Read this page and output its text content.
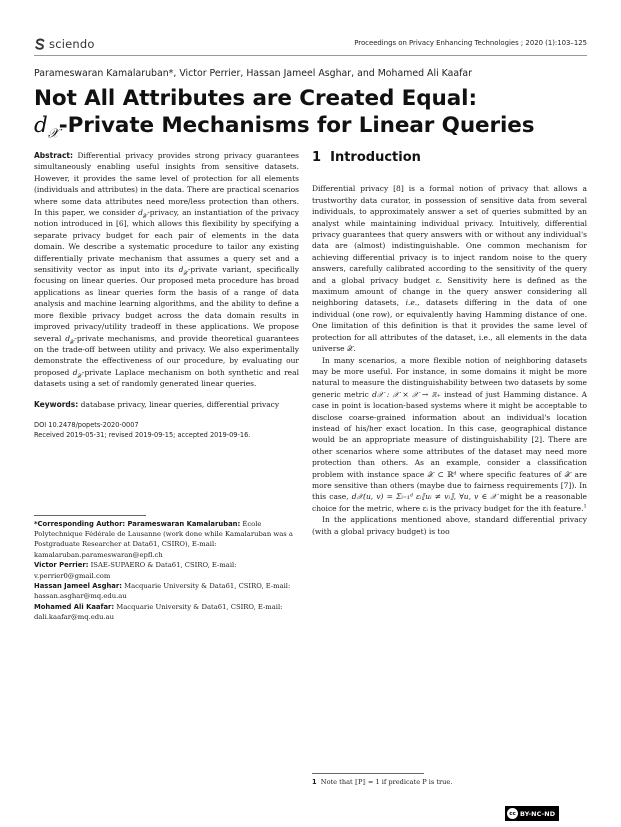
sciendo	Proceedings on Privacy Enhancing Technologies ; 2020 (1):103–125
Parameswaran Kamalaruban*, Victor Perrier, Hassan Jameel Asghar, and Mohamed Ali Kaafar
Not All Attributes are Created Equal:
$d_𝒳$-Private Mechanisms for Linear Queries

Abstract: Differential privacy provides strong privacy guarantees simultaneously enabling useful insights from sensitive datasets. However, it provides the same level of protection for all elements (individuals and attributes) in the data. There are practical scenarios where some data attributes need more/less protection than others. In this paper, we consider $d_𝒳$-privacy, an instantiation of the privacy notion introduced in [6], which allows this flexibility by specifying a separate privacy budget for each pair of elements in the data domain. We describe a systematic procedure to tailor any existing differentially private mechanism that assumes a query set and a sensitivity vector as input into its $d_𝒳$-private variant, specifically focusing on linear queries. Our proposed meta procedure has broad applications as linear queries form the basis of a range of data analysis and machine learning algorithms, and the ability to define a more flexible privacy budget across the data domain results in improved privacy/utility tradeoff in these applications. We propose several $d_𝒳$-private mechanisms, and provide theoretical guarantees on the trade-off between utility and privacy. We also experimentally demonstrate the effectiveness of our procedure, by evaluating our proposed $d_𝒳$-private Laplace mechanism on both synthetic and real datasets using a set of randomly generated linear queries.

Keywords: database privacy, linear queries, differential privacy

DOI 10.2478/popets-2020-0007
Received 2019-05-31; revised 2019-09-15; accepted 2019-09-16.
*Corresponding Author: Parameswaran Kamalaruban: École Polytechnique Fédérale de Lausanne (work done while Kamalaruban was a Postgraduate Researcher at Data61, CSIRO), E-mail: kamalaruban.parameswaran@epfl.ch
Victor Perrier: ISAE-SUPAERO & Data61, CSIRO, E-mail: v.perrier0@gmail.com
Hassan Jameel Asghar: Macquarie University & Data61, CSIRO, E-mail: hassan.asghar@mq.edu.au
Mohamed Ali Kaafar: Macquarie University & Data61, CSIRO, E-mail: dali.kaafar@mq.edu.au
1 Introduction

Differential privacy [8] is a formal notion of privacy that allows a trustworthy data curator, in possession of sensitive data from several individuals, to approximately answer a set of queries submitted by an analyst while maintaining individual privacy. Intuitively, differential privacy guarantees that query answers with or without any individual's data are (almost) indistinguishable. One common mechanism for achieving differential privacy is to inject random noise to the query answers, carefully calibrated according to the sensitivity of the query and a global privacy budget ε. Sensitivity here is defined as the maximum amount of change in the query answer considering all neighboring datasets, i.e., datasets differing in the data of one individual (one row), or equivalently having Hamming distance of one. One limitation of this definition is that it provides the same level of protection for all attributes of the dataset, i.e., all elements in the data universe 𝒳.

In many scenarios, a more flexible notion of neighboring datasets may be more useful. For instance, in some domains it might be more natural to measure the distinguishability between two datasets by some generic metric d𝒳 : 𝒳 × 𝒳 → ℝ₊ instead of just Hamming distance. A case in point is location-based systems where it might be acceptable to disclose coarse-grained information about an individual's location instead of his/her exact location. In this case, geographical distance would be an appropriate measure of distinguishability [2]. There are other scenarios where some attributes of the dataset may need more protection than others. As an example, consider a classification problem with instance space 𝒳 ⊂ ℝᵈ where specific features of 𝒳 are more sensitive than others (maybe due to fairness requirements [7]). In this case, d𝒳(u, v) = Σᵢ₌₁ᵈ εᵢ⟦uᵢ ≠ vᵢ⟧, ∀u, v ∈ 𝒳 might be a reasonable choice for the metric, where εᵢ is the privacy budget for the ith feature.$^1$

In the applications mentioned above, standard differential privacy (with a global privacy budget) is too

1 Note that ⟦P⟧ = 1 if predicate P is true.
cc BY-NC-ND
